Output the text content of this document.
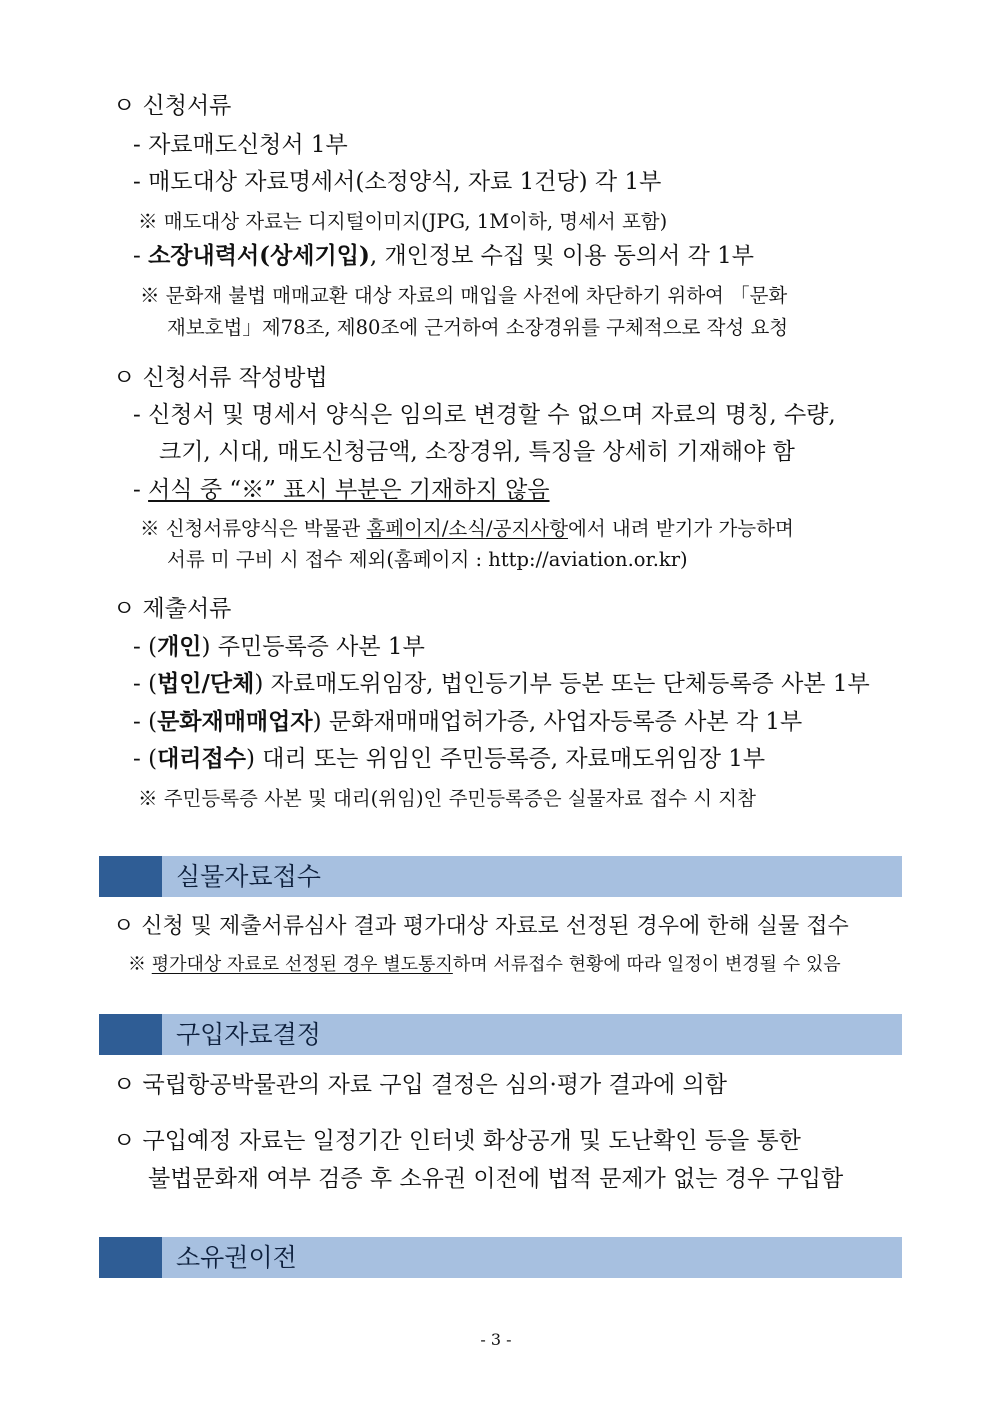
ㅇ 신청서류
- 자료매도신청서 1부
- 매도대상 자료명세서(소정양식, 자료 1건당) 각 1부
※ 매도대상 자료는 디지털이미지(JPG, 1M이하, 명세서 포함)
- 소장내력서(상세기입), 개인정보 수집 및 이용 동의서 각 1부
※ 문화재 불법 매매교환 대상 자료의 매입을 사전에 차단하기 위하여 「문화
재보호법」제78조, 제80조에 근거하여 소장경위를 구체적으로 작성 요청
ㅇ 신청서류 작성방법
- 신청서 및 명세서 양식은 임의로 변경할 수 없으며 자료의 명칭, 수량,
크기, 시대, 매도신청금액, 소장경위, 특징을 상세히 기재해야 함
- 서식 중 “※” 표시 부분은 기재하지 않음
※ 신청서류양식은 박물관 홈페이지/소식/공지사항에서 내려 받기가 가능하며
서류 미 구비 시 접수 제외(홈페이지 : http://aviation.or.kr)
ㅇ 제출서류
- (개인) 주민등록증 사본 1부
- (법인/단체) 자료매도위임장, 법인등기부 등본 또는 단체등록증 사본 1부
- (문화재매매업자) 문화재매매업허가증, 사업자등록증 사본 각 1부
- (대리접수) 대리 또는 위임인 주민등록증, 자료매도위임장 1부
※ 주민등록증 사본 및 대리(위임)인 주민등록증은 실물자료 접수 시 지참
실물자료접수
ㅇ 신청 및 제출서류심사 결과 평가대상 자료로 선정된 경우에 한해 실물 접수
※ 평가대상 자료로 선정된 경우 별도통지하며 서류접수 현황에 따라 일정이 변경될 수 있음
구입자료결정
ㅇ 국립항공박물관의 자료 구입 결정은 심의·평가 결과에 의함
ㅇ 구입예정 자료는 일정기간 인터넷 화상공개 및 도난확인 등을 통한
불법문화재 여부 검증 후 소유권 이전에 법적 문제가 없는 경우 구입함
소유권이전
- 3 -
